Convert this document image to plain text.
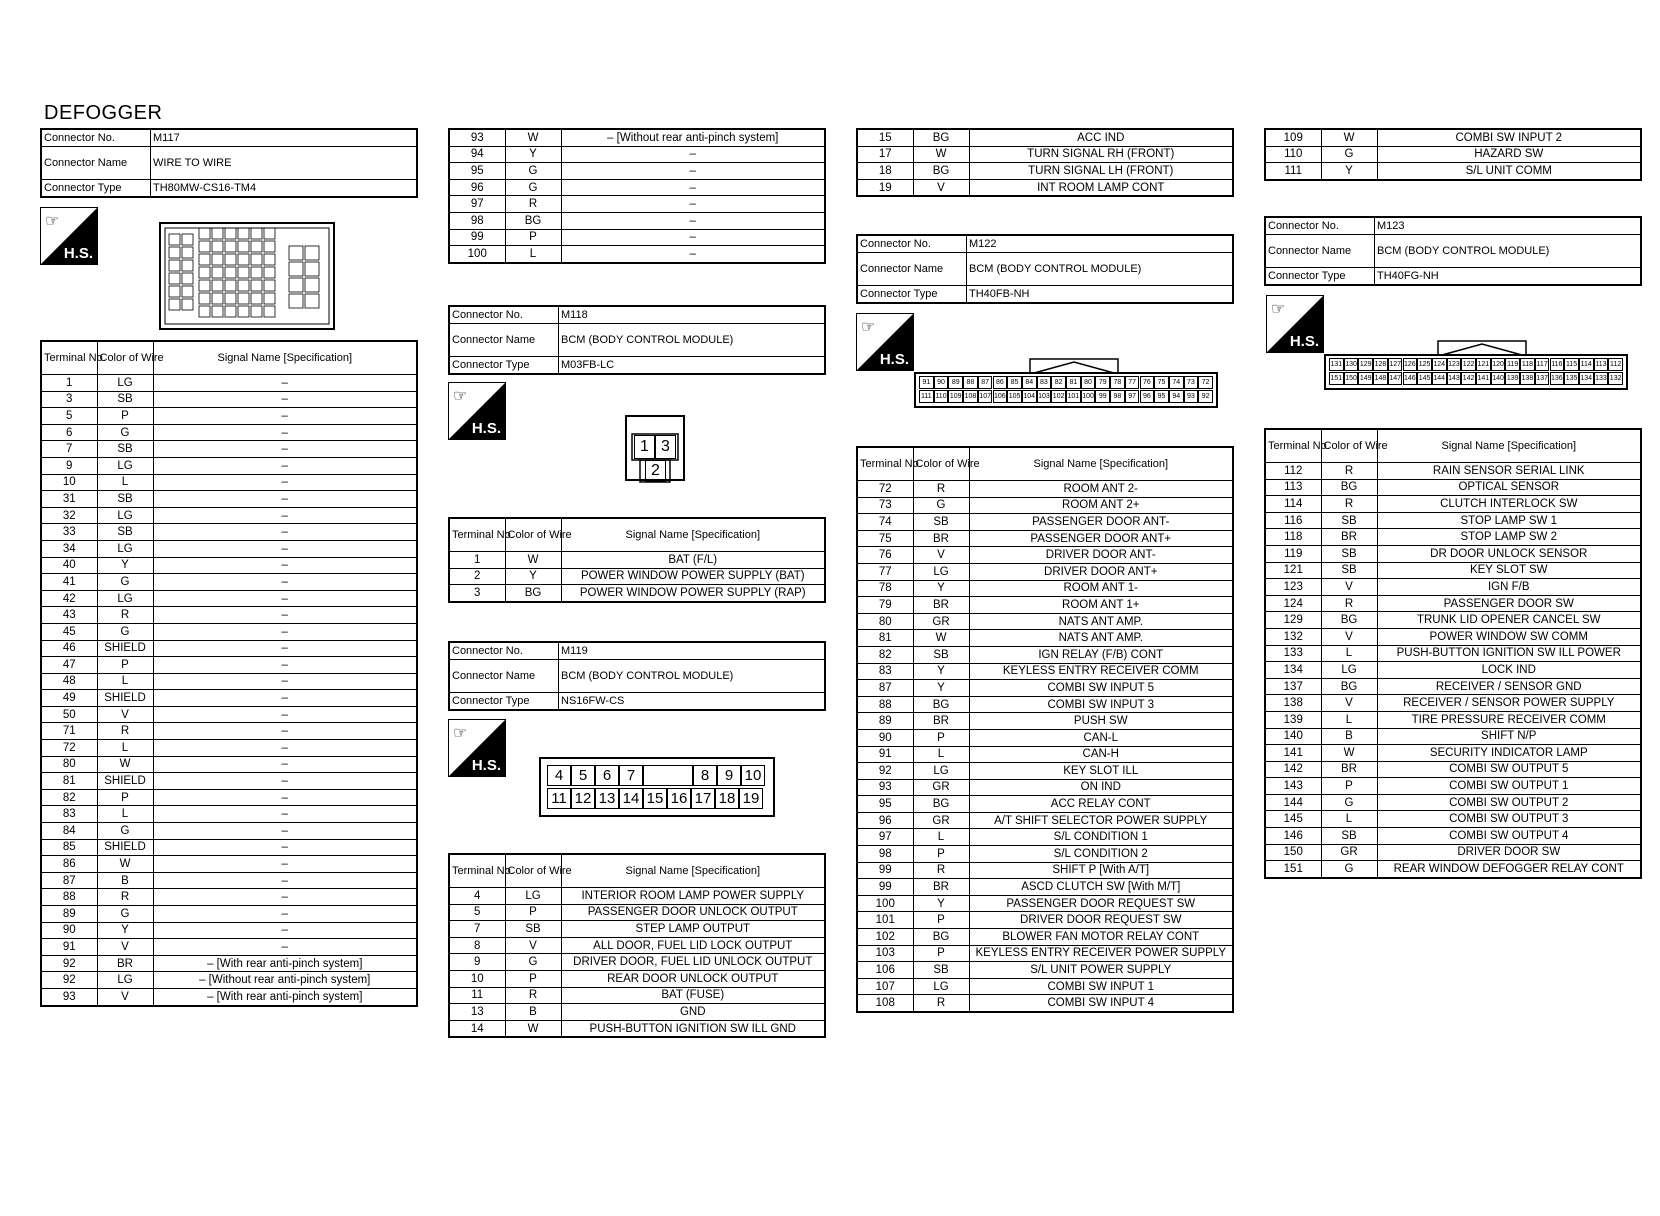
DEFOGGER
Connector No.	M117
Connector Name	WIRE TO WIRE
Connector Type	TH80MW-CS16-TM4
☞
H.S.
Terminal No.	Color of Wire	Signal Name [Specification]
1	LG	–
3	SB	–
5	P	–
6	G	–
7	SB	–
9	LG	–
10	L	–
31	SB	–
32	LG	–
33	SB	–
34	LG	–
40	Y	–
41	G	–
42	LG	–
43	R	–
45	G	–
46	SHIELD	–
47	P	–
48	L	–
49	SHIELD	–
50	V	–
71	R	–
72	L	–
80	W	–
81	SHIELD	–
82	P	–
83	L	–
84	G	–
85	SHIELD	–
86	W	–
87	B	–
88	R	–
89	G	–
90	Y	–
91	V	–
92	BR	– [With rear anti-pinch system]
92	LG	– [Without rear anti-pinch system]
93	V	– [With rear anti-pinch system]
93	W	– [Without rear anti-pinch system]
94	Y	–
95	G	–
96	G	–
97	R	–
98	BG	–
99	P	–
100	L	–
Connector No.	M118
Connector Name	BCM (BODY CONTROL MODULE)
Connector Type	M03FB-LC
☞
H.S.
1 3
2
Terminal No.	Color of Wire	Signal Name [Specification]
1	W	BAT (F/L)
2	Y	POWER WINDOW POWER SUPPLY (BAT)
3	BG	POWER WINDOW POWER SUPPLY (RAP)
Connector No.	M119
Connector Name	BCM (BODY CONTROL MODULE)
Connector Type	NS16FW-CS
☞
H.S.
4	5	6	7	8	9 10
11 12 13 14 15 16 17 18 19
Terminal No.	Color of Wire	Signal Name [Specification]
4	LG	INTERIOR ROOM LAMP POWER SUPPLY
5	P	PASSENGER DOOR UNLOCK OUTPUT
7	SB	STEP LAMP OUTPUT
8	V	ALL DOOR, FUEL LID LOCK OUTPUT
9	G	DRIVER DOOR, FUEL LID UNLOCK OUTPUT
10	P	REAR DOOR UNLOCK OUTPUT
11	R	BAT (FUSE)
13	B	GND
14	W	PUSH-BUTTON IGNITION SW ILL GND
15	BG	ACC IND
17	W	TURN SIGNAL RH (FRONT)
18	BG	TURN SIGNAL LH (FRONT)
19	V	INT ROOM LAMP CONT
Connector No.	M122
Connector Name	BCM (BODY CONTROL MODULE)
Connector Type	TH40FB-NH
☞
H.S.
91 90 89 88 87 86 85 84 83 82 81 80 79 78 77 76 75 74 73 72
111 110 109 108 107 106 105 104 103 102 101 100 99 98 97 96 95 94 93 92
Terminal No.	Color of Wire	Signal Name [Specification]
72	R	ROOM ANT 2-
73	G	ROOM ANT 2+
74	SB	PASSENGER DOOR ANT-
75	BR	PASSENGER DOOR ANT+
76	V	DRIVER DOOR ANT-
77	LG	DRIVER DOOR ANT+
78	Y	ROOM ANT 1-
79	BR	ROOM ANT 1+
80	GR	NATS ANT AMP.
81	W	NATS ANT AMP.
82	SB	IGN RELAY (F/B) CONT
83	Y	KEYLESS ENTRY RECEIVER COMM
87	Y	COMBI SW INPUT 5
88	BG	COMBI SW INPUT 3
89	BR	PUSH SW
90	P	CAN-L
91	L	CAN-H
92	LG	KEY SLOT ILL
93	GR	ON IND
95	BG	ACC RELAY CONT
96	GR	A/T SHIFT SELECTOR POWER SUPPLY
97	L	S/L CONDITION 1
98	P	S/L CONDITION 2
99	R	SHIFT P [With A/T]
99	BR	ASCD CLUTCH SW [With M/T]
100	Y	PASSENGER DOOR REQUEST SW
101	P	DRIVER DOOR REQUEST SW
102	BG	BLOWER FAN MOTOR RELAY CONT
103	P	KEYLESS ENTRY RECEIVER POWER SUPPLY
106	SB	S/L UNIT POWER SUPPLY
107	LG	COMBI SW INPUT 1
108	R	COMBI SW INPUT 4
109	W	COMBI SW INPUT 2
110	G	HAZARD SW
111	Y	S/L UNIT COMM
Connector No.	M123
Connector Name	BCM (BODY CONTROL MODULE)
Connector Type	TH40FG-NH
☞
H.S.
131 130 129 128 127 126 125 124 123 122 121 120 119 118 117 116 115 114 113 112
151 150 149 148 147 146 145 144 143 142 141 140 139 138 137 136 135 134 133 132
Terminal No.	Color of Wire	Signal Name [Specification]
112	R	RAIN SENSOR SERIAL LINK
113	BG	OPTICAL SENSOR
114	R	CLUTCH INTERLOCK SW
116	SB	STOP LAMP SW 1
118	BR	STOP LAMP SW 2
119	SB	DR DOOR UNLOCK SENSOR
121	SB	KEY SLOT SW
123	V	IGN F/B
124	R	PASSENGER DOOR SW
129	BG	TRUNK LID OPENER CANCEL SW
132	V	POWER WINDOW SW COMM
133	L	PUSH-BUTTON IGNITION SW ILL POWER
134	LG	LOCK IND
137	BG	RECEIVER / SENSOR GND
138	V	RECEIVER / SENSOR POWER SUPPLY
139	L	TIRE PRESSURE RECEIVER COMM
140	B	SHIFT N/P
141	W	SECURITY INDICATOR LAMP
142	BR	COMBI SW OUTPUT 5
143	P	COMBI SW OUTPUT 1
144	G	COMBI SW OUTPUT 2
145	L	COMBI SW OUTPUT 3
146	SB	COMBI SW OUTPUT 4
150	GR	DRIVER DOOR SW
151	G	REAR WINDOW DEFOGGER RELAY CONT
